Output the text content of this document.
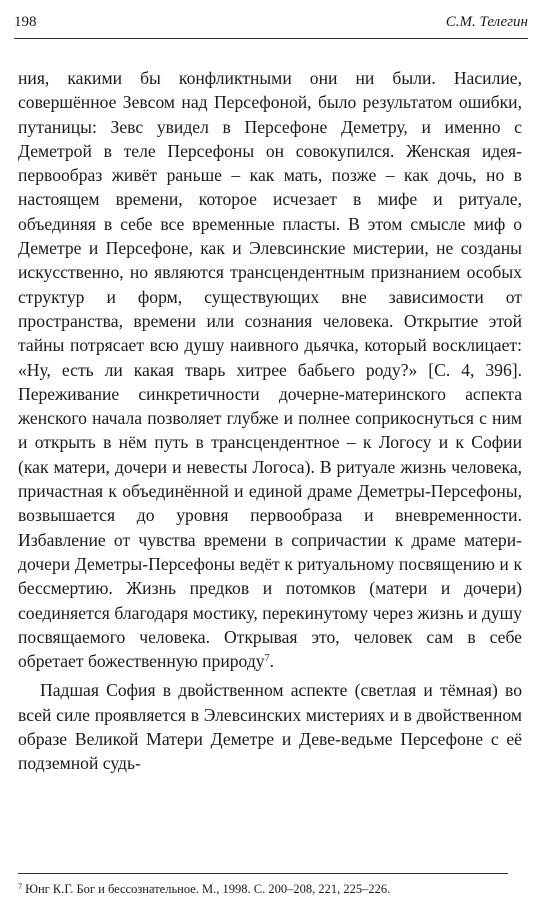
198	С.М. Телегин

ния, какими бы конфликтными они ни были. Насилие, совершённое Зевсом над Персефоной, было результатом ошибки, путаницы: Зевс увидел в Персефоне Деметру, и именно с Деметрой в теле Персефоны он совокупился. Женская идея-первообраз живёт раньше – как мать, позже – как дочь, но в настоящем времени, которое исчезает в мифе и ритуале, объединяя в себе все временные пласты. В этом смысле миф о Деметре и Персефоне, как и Элевсинские мистерии, не созданы искусственно, но являются трансцендентным признанием особых структур и форм, существующих вне зависимости от пространства, времени или сознания человека. Открытие этой тайны потрясает всю душу наивного дьячка, который восклицает: «Ну, есть ли какая тварь хитрее бабьего роду?» [С. 4, 396]. Переживание синкретичности дочерне-материнского аспекта женского начала позволяет глубже и полнее соприкоснуться с ним и открыть в нём путь в трансцендентное – к Логосу и к Софии (как матери, дочери и невесты Логоса). В ритуале жизнь человека, причастная к объединённой и единой драме Деметры-Персефоны, возвышается до уровня первообраза и вневременности. Избавление от чувства времени в сопричастии к драме матери-дочери Деметры-Персефоны ведёт к ритуальному посвящению и к бессмертию. Жизнь предков и потомков (матери и дочери) соединяется благодаря мостику, перекинутому через жизнь и душу посвящаемого человека. Открывая это, человек сам в себе обретает божественную природу$^7$.

Падшая София в двойственном аспекте (светлая и тёмная) во всей силе проявляется в Элевсинских мистериях и в двойственном образе Великой Матери Деметре и Деве-ведьме Персефоне с её подземной судь-

$^7$ Юнг К.Г. Бог и бессознательное. М., 1998. С. 200–208, 221, 225–226.
